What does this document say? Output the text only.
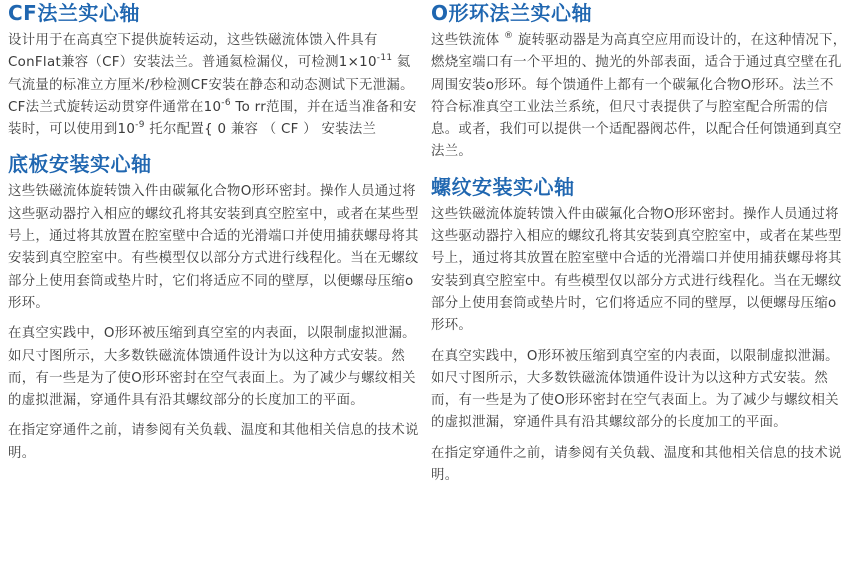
CF法兰实心轴

设计用于在高真空下提供旋转运动，这些铁磁流体馈入件具有ConFlat兼容（CF）安装法兰。普通氦检漏仪，可检测$1\times 10^{-11}$ 氦气流量的标准立方厘米/秒检测CF安装在静态和动态测试下无泄漏。CF法兰式旋转运动贯穿件通常在$10^{-6}$ To rr范围，并在适当准备和安装时，可以使用到$10^{-9}$ 托尔配置{ 0 兼容 （ CF ） 安装法兰

底板安装实心轴

这些铁磁流体旋转馈入件由碳氟化合物O形环密封。操作人员通过将这些驱动器拧入相应的螺纹孔将其安装到真空腔室中，或者在某些型号上，通过将其放置在腔室壁中合适的光滑端口并使用捕获螺母将其安装到真空腔室中。有些模型仅以部分方式进行线程化。当在无螺纹部分上使用套筒或垫片时，它们将适应不同的壁厚，以便螺母压缩o形环。

在真空实践中，O形环被压缩到真空室的内表面，以限制虚拟泄漏。如尺寸图所示，大多数铁磁流体馈通件设计为以这种方式安装。然而，有一些是为了使O形环密封在空气表面上。为了减少与螺纹相关的虚拟泄漏，穿通件具有沿其螺纹部分的长度加工的平面。

在指定穿通件之前，请参阅有关负载、温度和其他相关信息的技术说明。

O形环法兰实心轴

这些铁流体 ® 旋转驱动器是为高真空应用而设计的，在这种情况下，燃烧室端口有一个平坦的、抛光的外部表面，适合于通过真空壁在孔周围安装o形环。每个馈通件上都有一个碳氟化合物O形环。法兰不符合标准真空工业法兰系统，但尺寸表提供了与腔室配合所需的信息。或者，我们可以提供一个适配器阀芯件，以配合任何馈通到真空法兰。

螺纹安装实心轴

这些铁磁流体旋转馈入件由碳氟化合物O形环密封。操作人员通过将这些驱动器拧入相应的螺纹孔将其安装到真空腔室中，或者在某些型号上，通过将其放置在腔室壁中合适的光滑端口并使用捕获螺母将其安装到真空腔室中。有些模型仅以部分方式进行线程化。当在无螺纹部分上使用套筒或垫片时，它们将适应不同的壁厚，以便螺母压缩o形环。

在真空实践中，O形环被压缩到真空室的内表面，以限制虚拟泄漏。如尺寸图所示，大多数铁磁流体馈通件设计为以这种方式安装。然而，有一些是为了使O形环密封在空气表面上。为了减少与螺纹相关的虚拟泄漏，穿通件具有沿其螺纹部分的长度加工的平面。

在指定穿通件之前，请参阅有关负载、温度和其他相关信息的技术说明。
